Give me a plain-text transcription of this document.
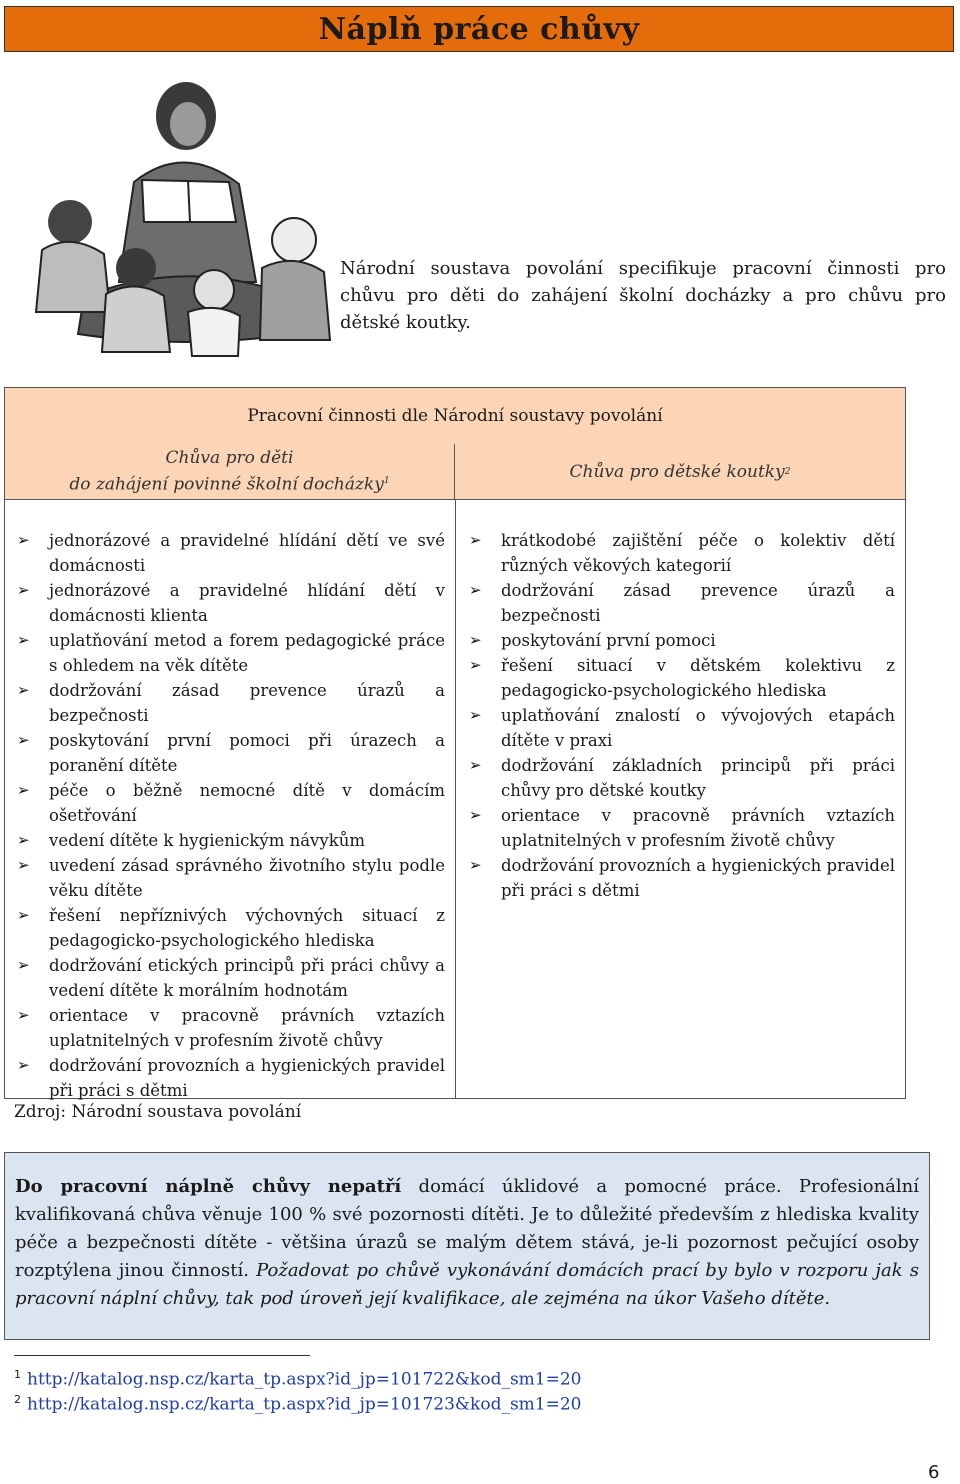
Náplň práce chůvy
Národní soustava povolání specifikuje pracovní činnosti pro chůvu pro děti do zahájení školní docházky a pro chůvu pro dětské koutky.
Pracovní činnosti dle Národní soustavy povolání
Chůva pro děti
do zahájení povinné školní docházky$^1$	Chůva pro dětské koutky 2
➢ jednorázové a pravidelné hlídání dětí ve své domácnosti
➢ jednorázové a pravidelné hlídání dětí v domácnosti klienta
➢ uplatňování metod a forem pedagogické práce s ohledem na věk dítěte
➢ dodržování zásad prevence úrazů a bezpečnosti
➢ poskytování první pomoci při úrazech a poranění dítěte
➢ péče o běžně nemocné dítě v domácím ošetřování
➢ vedení dítěte k hygienickým návykům
➢ uvedení zásad správného životního stylu podle věku dítěte
➢ řešení nepříznivých výchovných situací z pedagogicko-psychologického hlediska
➢ dodržování etických principů při práci chůvy a vedení dítěte k morálním hodnotám
➢ orientace v pracovně právních vztazích uplatnitelných v profesním životě chůvy
➢ dodržování provozních a hygienických pravidel při práci s dětmi
➢ krátkodobé zajištění péče o kolektiv dětí různých věkových kategorií
➢ dodržování zásad prevence úrazů a bezpečnosti
➢ poskytování první pomoci
➢ řešení situací v dětském kolektivu z pedagogicko-psychologického hlediska
➢ uplatňování znalostí o vývojových etapách dítěte v praxi
➢ dodržování základních principů při práci chůvy pro dětské koutky
➢ orientace v pracovně právních vztazích uplatnitelných v profesním životě chůvy
➢ dodržování provozních a hygienických pravidel při práci s dětmi
Zdroj: Národní soustava povolání
Do pracovní náplně chůvy nepatří domácí úklidové a pomocné práce. Profesionální kvalifikovaná chůva věnuje 100 % své pozornosti dítěti. Je to důležité především z hlediska kvality péče a bezpečnosti dítěte - většina úrazů se malým dětem stává, je-li pozornost pečující osoby rozptýlena jinou činností. Požadovat po chůvě vykonávání domácích prací by bylo v rozporu jak s pracovní náplní chůvy, tak pod úroveň její kvalifikace, ale zejména na úkor Vašeho dítěte.
$^1$ http://katalog.nsp.cz/karta_tp.aspx?id_jp=101722&kod_sm1=20
$^2$ http://katalog.nsp.cz/karta_tp.aspx?id_jp=101723&kod_sm1=20
6
